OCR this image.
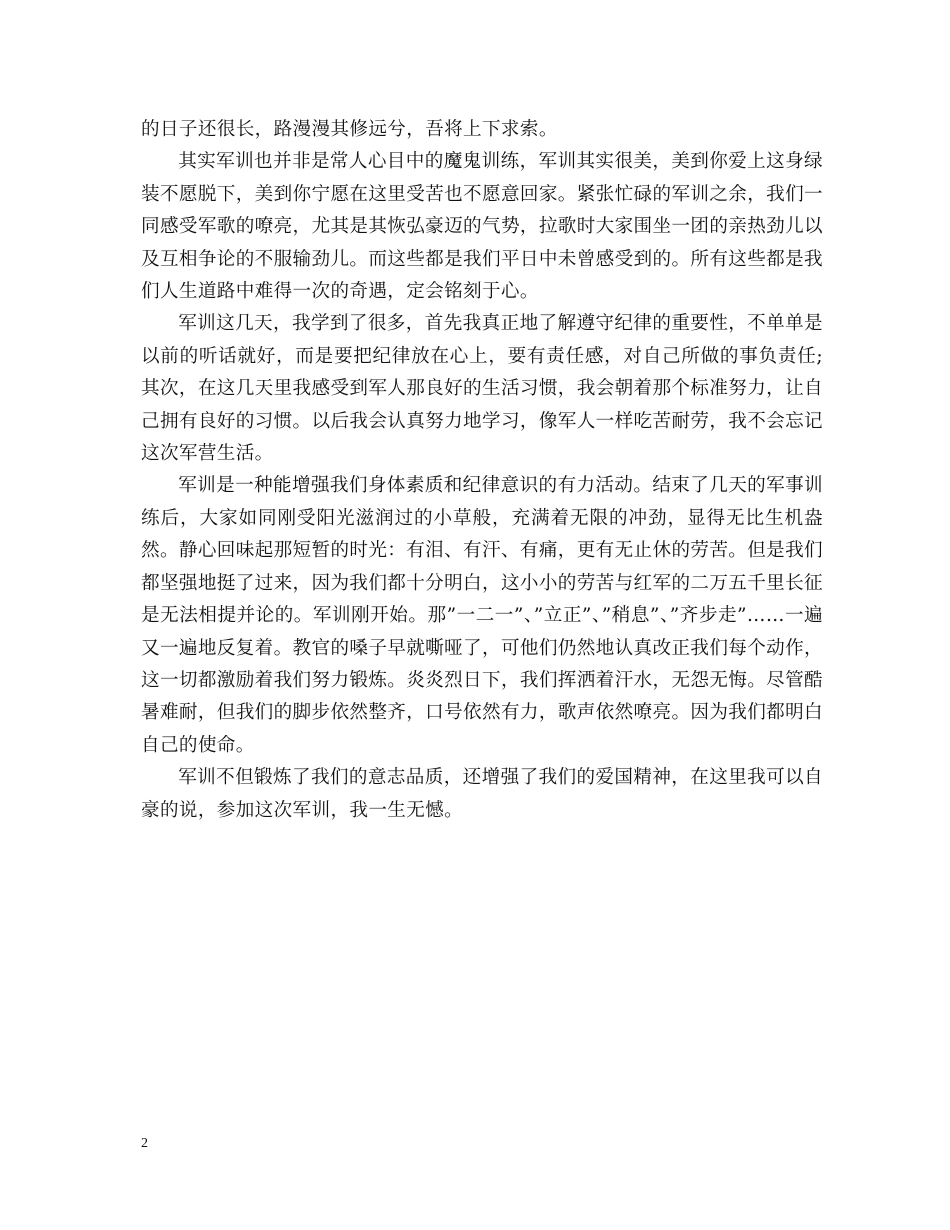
的日子还很长，路漫漫其修远兮，吾将上下求索。

其实军训也并非是常人心目中的魔鬼训练，军训其实很美，美到你爱上这身绿装不愿脱下，美到你宁愿在这里受苦也不愿意回家。紧张忙碌的军训之余，我们一同感受军歌的嘹亮，尤其是其恢弘豪迈的气势，拉歌时大家围坐一团的亲热劲儿以及互相争论的不服输劲儿。而这些都是我们平日中未曾感受到的。所有这些都是我们人生道路中难得一次的奇遇，定会铭刻于心。

军训这几天，我学到了很多，首先我真正地了解遵守纪律的重要性，不单单是以前的听话就好，而是要把纪律放在心上，要有责任感，对自己所做的事负责任;其次，在这几天里我感受到军人那良好的生活习惯，我会朝着那个标准努力，让自己拥有良好的习惯。以后我会认真努力地学习，像军人一样吃苦耐劳，我不会忘记这次军营生活。

军训是一种能增强我们身体素质和纪律意识的有力活动。结束了几天的军事训练后，大家如同刚受阳光滋润过的小草般，充满着无限的冲劲，显得无比生机盎然。静心回味起那短暂的时光：有泪、有汗、有痛，更有无止休的劳苦。但是我们都坚强地挺了过来，因为我们都十分明白，这小小的劳苦与红军的二万五千里长征是无法相提并论的。军训刚开始。那”一二一”、”立正”、”稍息”、”齐步走”……一遍又一遍地反复着。教官的嗓子早就嘶哑了，可他们仍然地认真改正我们每个动作，这一切都激励着我们努力锻炼。炎炎烈日下，我们挥洒着汗水，无怨无悔。尽管酷暑难耐，但我们的脚步依然整齐，口号依然有力，歌声依然嘹亮。因为我们都明白自己的使命。

军训不但锻炼了我们的意志品质，还增强了我们的爱国精神，在这里我可以自豪的说，参加这次军训，我一生无憾。

2
